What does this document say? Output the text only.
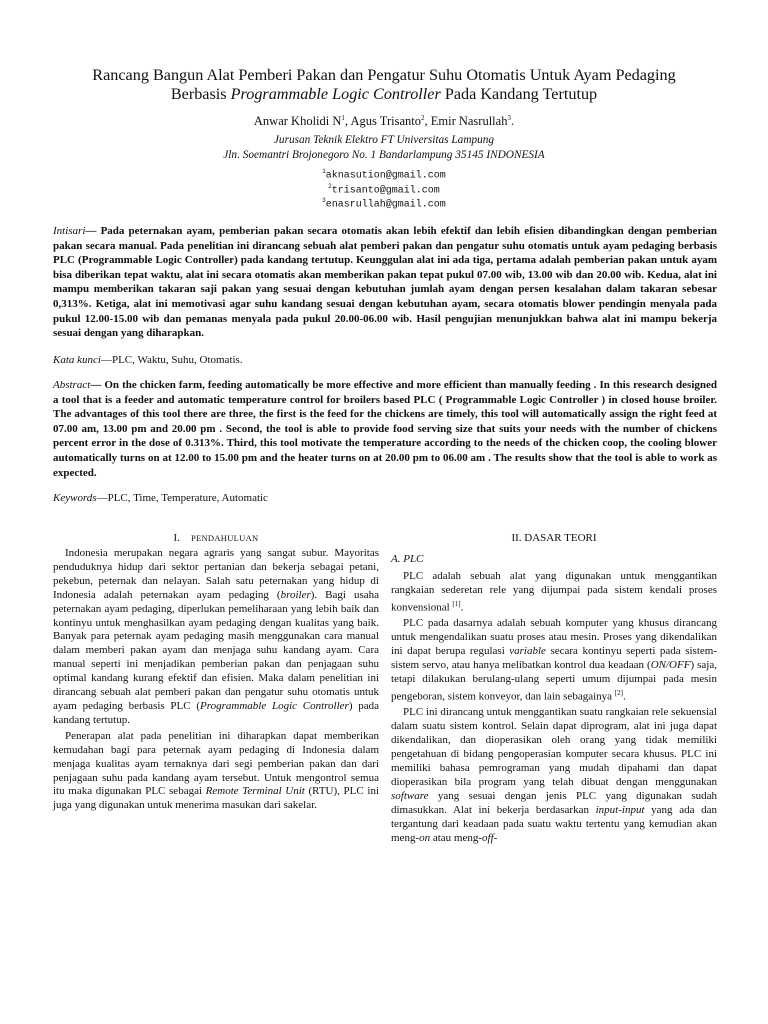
Rancang Bangun Alat Pemberi Pakan dan Pengatur Suhu Otomatis Untuk Ayam Pedaging
Berbasis Programmable Logic Controller Pada Kandang Tertutup
Anwar Kholidi $N^1$, Agus Trisanto$^2$, Emir Nasrullah$^3$.
Jurusan Teknik Elektro FT Universitas Lampung
Jln. Soemantri Brojonegoro No. 1 Bandarlampung 35145 INDONESIA
$^1$aknasution@gmail.com
$^2$trisanto@gmail.com
$^3$enasrullah@gmail.com
Intisari— Pada peternakan ayam, pemberian pakan secara otomatis akan lebih efektif dan lebih efisien dibandingkan dengan pemberian pakan secara manual. Pada penelitian ini dirancang sebuah alat pemberi pakan dan pengatur suhu otomatis untuk ayam pedaging berbasis PLC (Programmable Logic Controller) pada kandang tertutup. Keunggulan alat ini ada tiga, pertama adalah pemberian pakan untuk ayam bisa diberikan tepat waktu, alat ini secara otomatis akan memberikan pakan tepat pukul 07.00 wib, 13.00 wib dan 20.00 wib. Kedua, alat ini mampu memberikan takaran saji pakan yang sesuai dengan kebutuhan jumlah ayam dengan persen kesalahan dalam takaran sebesar 0,313%. Ketiga, alat ini memotivasi agar suhu kandang sesuai dengan kebutuhan ayam, secara otomatis blower pendingin menyala pada pukul 12.00-15.00 wib dan pemanas menyala pada pukul 20.00-06.00 wib. Hasil pengujian menunjukkan bahwa alat ini mampu bekerja sesuai dengan yang diharapkan.
Kata kunci—PLC, Waktu, Suhu, Otomatis.
Abstract— On the chicken farm, feeding automatically be more effective and more efficient than manually feeding . In this research designed a tool that is a feeder and automatic temperature control for broilers based PLC ( Programmable Logic Controller ) in closed house broiler. The advantages of this tool there are three, the first is the feed for the chickens are timely, this tool will automatically assign the right feed at 07.00 am, 13.00 pm and 20.00 pm . Second, the tool is able to provide food serving size that suits your needs with the number of chickens percent error in the dose of 0.313%. Third, this tool motivate the temperature according to the needs of the chicken coop, the cooling blower automatically turns on at 12.00 to 15.00 pm and the heater turns on at 20.00 pm to 06.00 am . The results show that the tool is able to work as expected.
Keywords—PLC, Time, Temperature, Automatic
I. PENDAHULUAN

Indonesia merupakan negara agraris yang sangat subur. Mayoritas penduduknya hidup dari sektor pertanian dan bekerja sebagai petani, pekebun, peternak dan nelayan. Salah satu peternakan yang hidup di Indonesia adalah peternakan ayam pedaging (broiler). Bagi usaha peternakan ayam pedaging, diperlukan pemeliharaan yang lebih baik dan kontinyu untuk menghasilkan ayam pedaging dengan kualitas yang baik. Banyak para peternak ayam pedaging masih menggunakan cara manual dalam memberi pakan ayam dan menjaga suhu kandang ayam. Cara manual seperti ini menjadikan pemberian pakan dan penjagaan suhu optimal kandang kurang efektif dan efisien. Maka dalam penelitian ini dirancang sebuah alat pemberi pakan dan pengatur suhu otomatis untuk ayam pedaging berbasis PLC (Programmable Logic Controller) pada kandang tertutup.

Penerapan alat pada penelitian ini diharapkan dapat memberikan kemudahan bagi para peternak ayam pedaging di Indonesia dalam menjaga kualitas ayam ternaknya dari segi pemberian pakan dan dari penjagaan suhu pada kandang ayam tersebut. Untuk mengontrol semua itu maka digunakan PLC sebagai Remote Terminal Unit (RTU), PLC ini juga yang digunakan untuk menerima masukan dari sakelar.

II. DASAR TEORI
A. PLC

PLC adalah sebuah alat yang digunakan untuk menggantikan rangkaian sederetan rele yang dijumpai pada sistem kendali proses konvensional [1].

PLC pada dasarnya adalah sebuah komputer yang khusus dirancang untuk mengendalikan suatu proses atau mesin. Proses yang dikendalikan ini dapat berupa regulasi variable secara kontinyu seperti pada sistem-sistem servo, atau hanya melibatkan kontrol dua keadaan (ON/OFF) saja, tetapi dilakukan berulang-ulang seperti umum dijumpai pada mesin pengeboran, sistem konveyor, dan lain sebagainya [2].

PLC ini dirancang untuk menggantikan suatu rangkaian rele sekuensial dalam suatu sistem kontrol. Selain dapat diprogram, alat ini juga dapat dikendalikan, dan dioperasikan oleh orang yang tidak memiliki pengetahuan di bidang pengoperasian komputer secara khusus. PLC ini memiliki bahasa pemrograman yang mudah dipahami dan dapat dioperasikan bila program yang telah dibuat dengan menggunakan software yang sesuai dengan jenis PLC yang digunakan sudah dimasukkan. Alat ini bekerja berdasarkan input-input yang ada dan tergantung dari keadaan pada suatu waktu tertentu yang kemudian akan meng-on atau meng-off-
